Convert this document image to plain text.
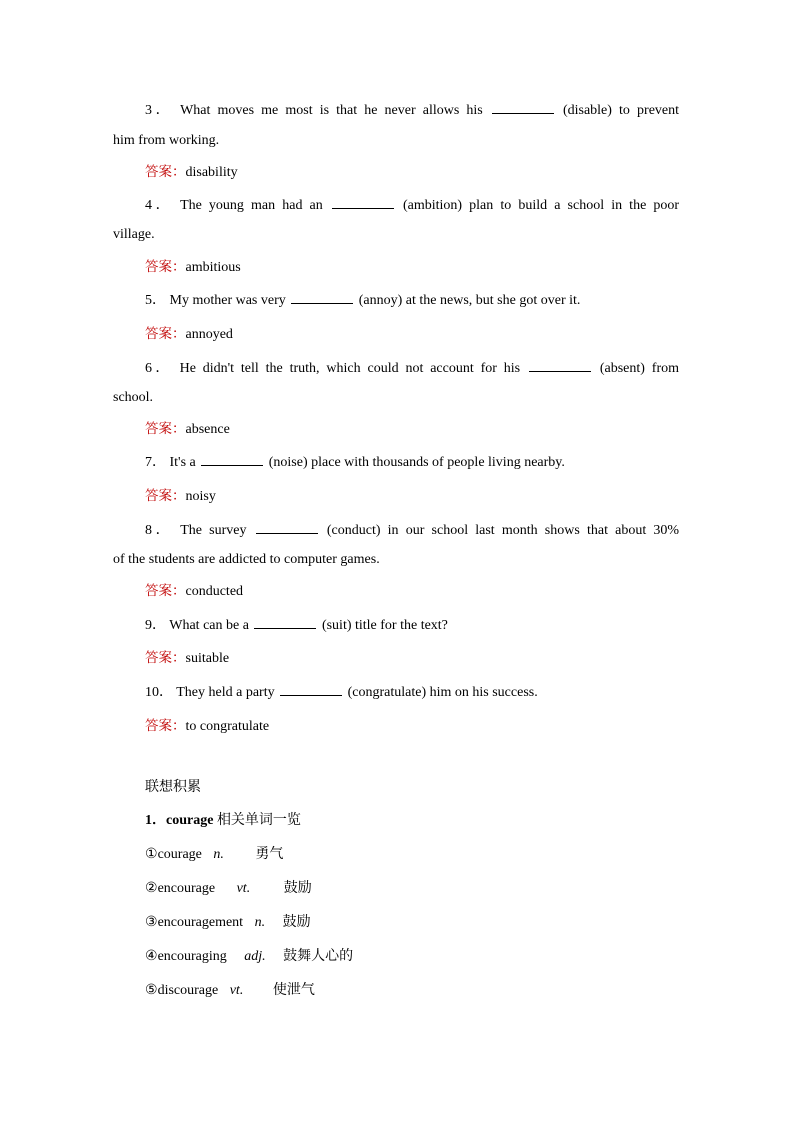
3． What moves me most is that he never allows his	(disable) to prevent
him from working.
答案：disability
4． The young man had an	(ambition) plan to build a school in the poor
village.
答案：ambitious
5． My mother was very	(annoy) at the news, but she got over it.
答案：annoyed
6． He didn't tell the truth, which could not account for his	(absent) from
school.
答案：absence
7． It's a	(noise) place with thousands of people living nearby.
答案：noisy
8． The survey	(conduct) in our school last month shows that about 30%
of the students are addicted to computer games.
答案：conducted
9． What can be a	(suit) title for the text?
答案：suitable
10． They held a party	(congratulate) him on his success.
答案：to congratulate
联想积累
1．courage 相关单词一览
①courage n. 勇气
②encourage vt. 鼓励
③encouragement n. 鼓励
④encouraging adj. 鼓舞人心的
⑤discourage vt. 使泄气
